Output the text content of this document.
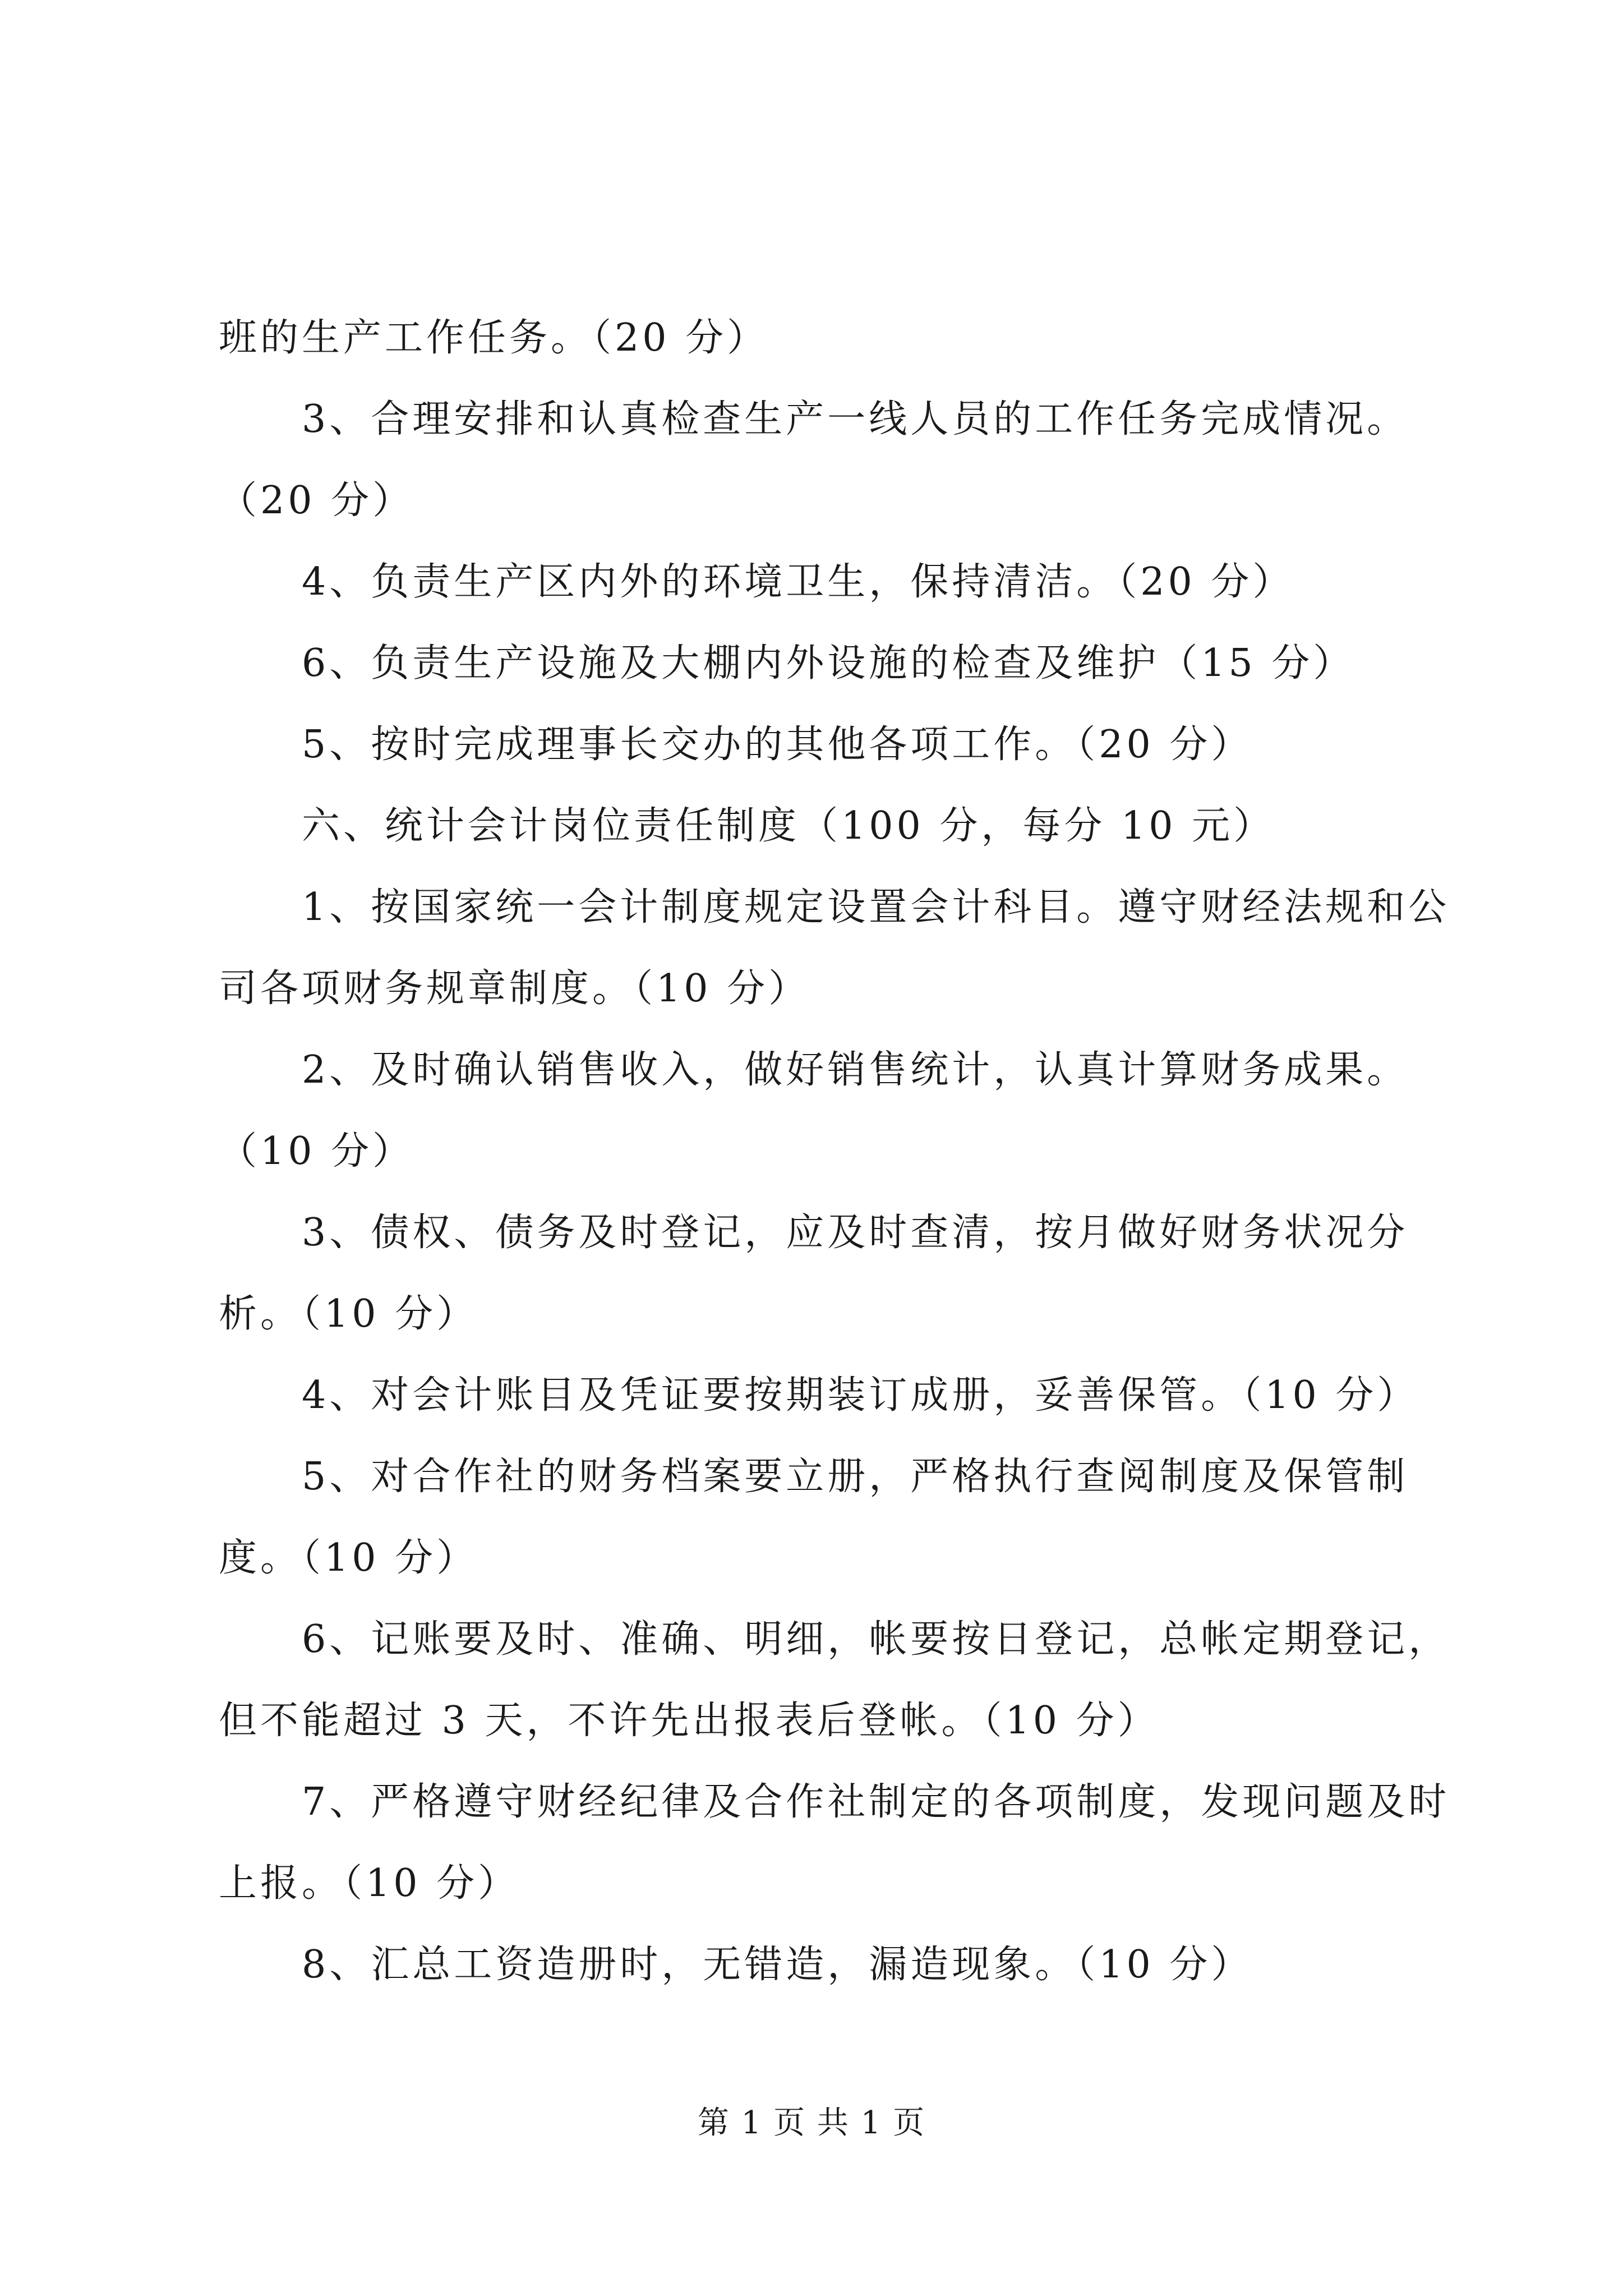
班的生产工作任务。（20 分）

3、合理安排和认真检查生产一线人员的工作任务完成情况。（20 分）

4、负责生产区内外的环境卫生，保持清洁。（20 分）

6、负责生产设施及大棚内外设施的检查及维护（15 分）

5、按时完成理事长交办的其他各项工作。（20 分）

六、统计会计岗位责任制度（100 分，每分 10 元）

1、按国家统一会计制度规定设置会计科目。遵守财经法规和公司各项财务规章制度。（10 分）

2、及时确认销售收入，做好销售统计，认真计算财务成果。（10 分）

3、债权、债务及时登记，应及时查清，按月做好财务状况分析。（10 分）

4、对会计账目及凭证要按期装订成册，妥善保管。（10 分）

5、对合作社的财务档案要立册，严格执行查阅制度及保管制度。（10 分）

6、记账要及时、准确、明细，帐要按日登记，总帐定期登记，但不能超过 3 天，不许先出报表后登帐。（10 分）

7、严格遵守财经纪律及合作社制定的各项制度，发现问题及时上报。（10 分）

8、汇总工资造册时，无错造，漏造现象。（10 分）

第 1 页 共 1 页
